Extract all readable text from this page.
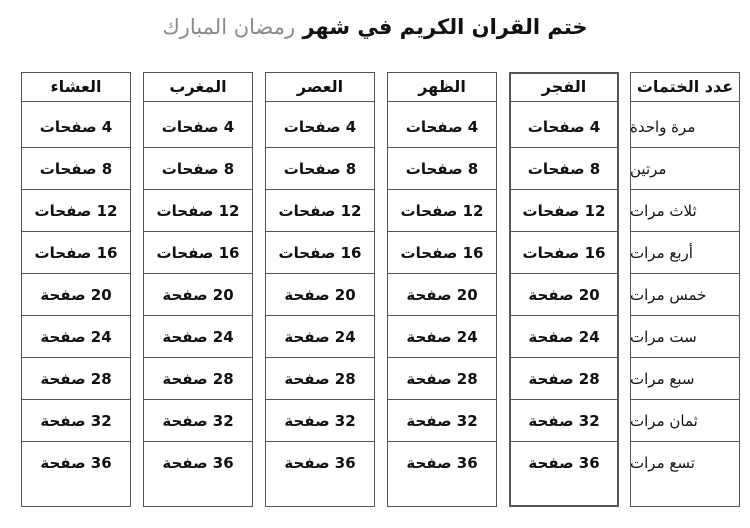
ختم القران الكريم في شهر رمضان المبارك
عدد الختمات
مرة واحدة
مرتين
ثلاث مرات
أربع مرات
خمس مرات
ست مرات
سبع مرات
ثمان مرات
تسع مرات
الفجر
4 صفحات
8 صفحات
12 صفحات
16 صفحات
20 صفحة
24 صفحة
28 صفحة
32 صفحة
36 صفحة
الظهر
4 صفحات
8 صفحات
12 صفحات
16 صفحات
20 صفحة
24 صفحة
28 صفحة
32 صفحة
36 صفحة
العصر
4 صفحات
8 صفحات
12 صفحات
16 صفحات
20 صفحة
24 صفحة
28 صفحة
32 صفحة
36 صفحة
المغرب
4 صفحات
8 صفحات
12 صفحات
16 صفحات
20 صفحة
24 صفحة
28 صفحة
32 صفحة
36 صفحة
العشاء
4 صفحات
8 صفحات
12 صفحات
16 صفحات
20 صفحة
24 صفحة
28 صفحة
32 صفحة
36 صفحة
